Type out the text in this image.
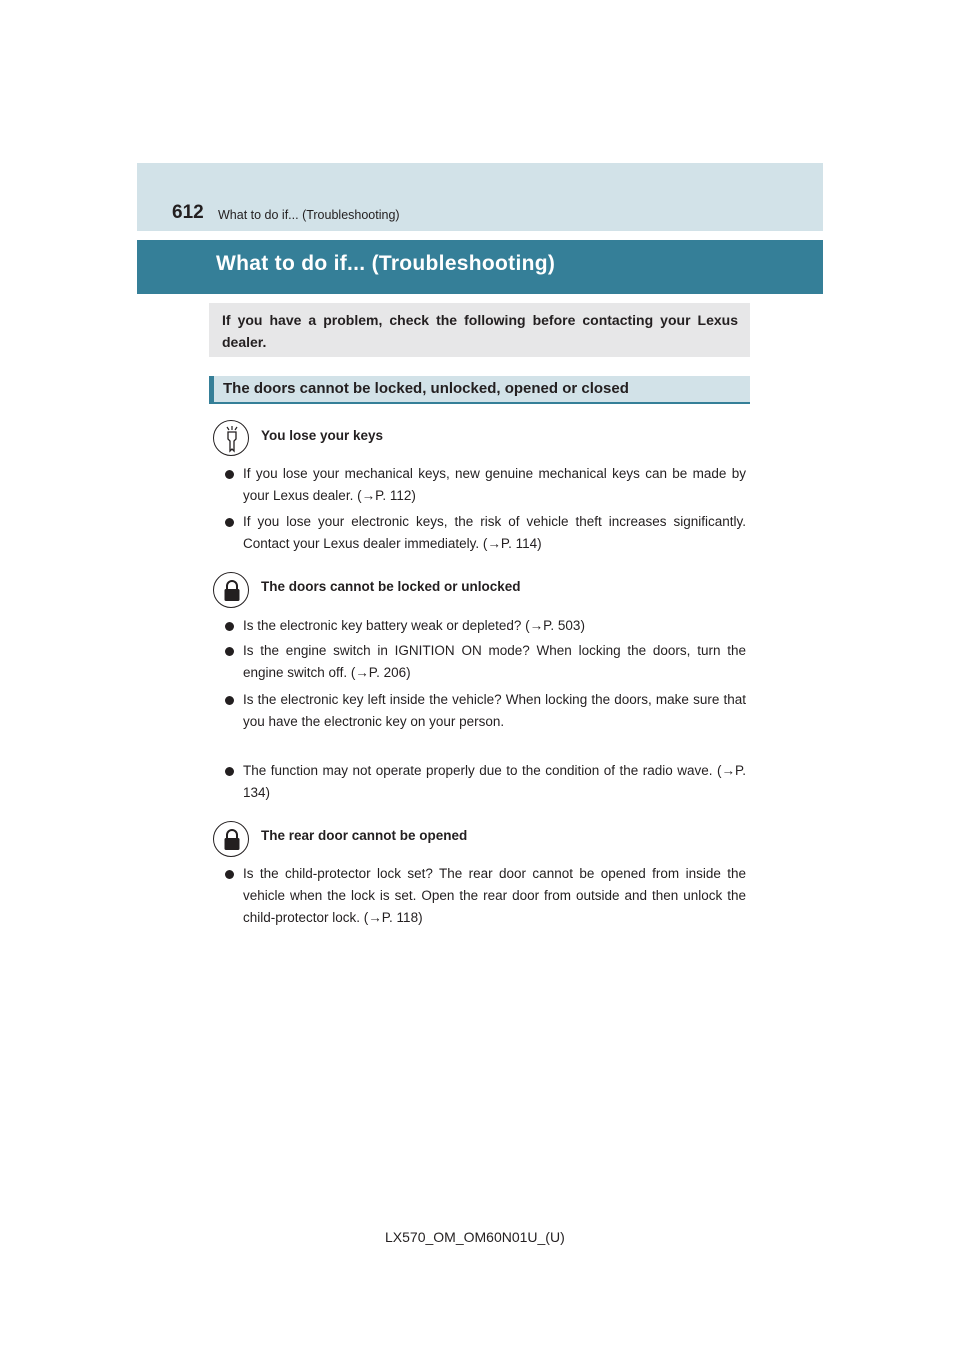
612 What to do if... (Troubleshooting)
What to do if... (Troubleshooting)

If you have a problem, check the following before contacting your Lexus dealer.

The doors cannot be locked, unlocked, opened or closed
You lose your keys
If you lose your mechanical keys, new genuine mechanical keys can be made by your Lexus dealer. (→P. 112)
If you lose your electronic keys, the risk of vehicle theft increases significantly. Contact your Lexus dealer immediately. (→P. 114)
The doors cannot be locked or unlocked
Is the electronic key battery weak or depleted? (→P. 503)
Is the engine switch in IGNITION ON mode? When locking the doors, turn the engine switch off. (→P. 206)
Is the electronic key left inside the vehicle? When locking the doors, make sure that you have the electronic key on your person.
The function may not operate properly due to the condition of the radio wave. (→P. 134)
The rear door cannot be opened
Is the child-protector lock set? The rear door cannot be opened from inside the vehicle when the lock is set. Open the rear door from outside and then unlock the child-protector lock. (→P. 118)
LX570_OM_OM60N01U_(U)
